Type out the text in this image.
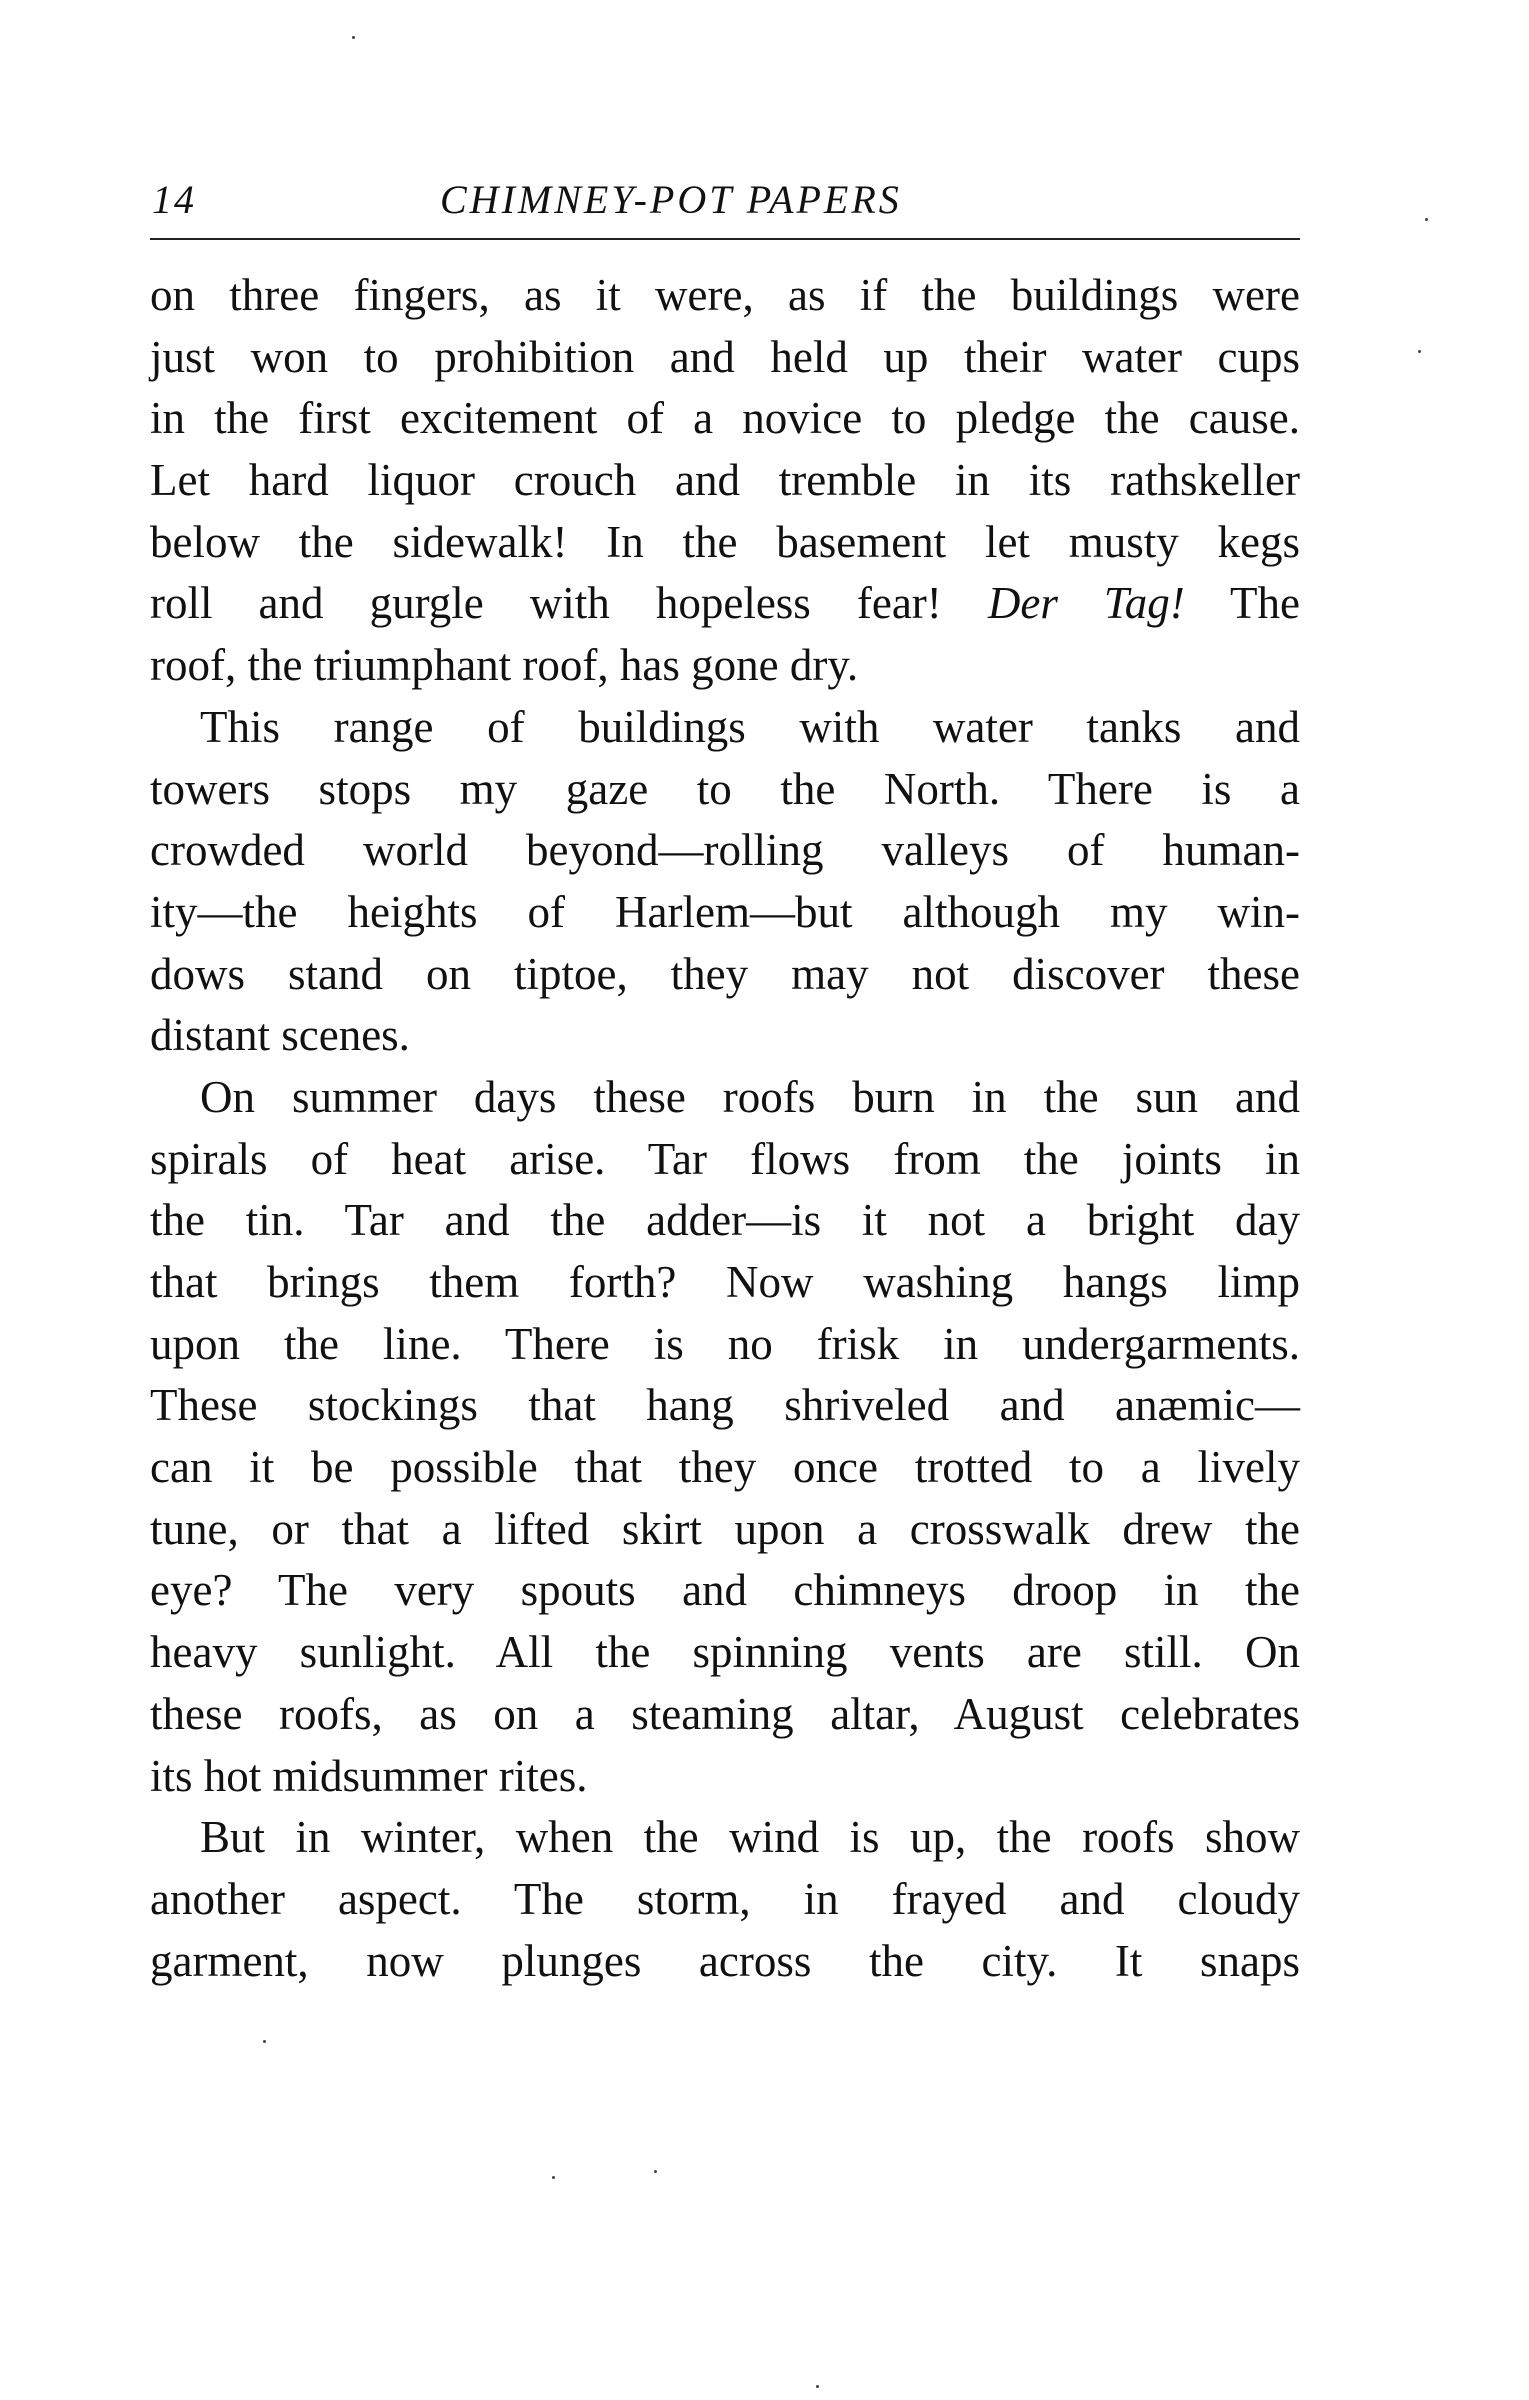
14	CHIMNEY-POT PAPERS
on three fingers, as it were, as if the buildings were
just won to prohibition and held up their water cups
in the first excitement of a novice to pledge the cause.
Let hard liquor crouch and tremble in its rathskeller
below the sidewalk! In the basement let musty kegs
roll and gurgle with hopeless fear! Der Tag! The
roof, the triumphant roof, has gone dry.
This range of buildings with water tanks and
towers stops my gaze to the North. There is a
crowded world beyond—rolling valleys of human-
ity—the heights of Harlem—but although my win-
dows stand on tiptoe, they may not discover these
distant scenes.
On summer days these roofs burn in the sun and
spirals of heat arise. Tar flows from the joints in
the tin. Tar and the adder—is it not a bright day
that brings them forth? Now washing hangs limp
upon the line. There is no frisk in undergarments.
These stockings that hang shriveled and anæmic—
can it be possible that they once trotted to a lively
tune, or that a lifted skirt upon a crosswalk drew the
eye? The very spouts and chimneys droop in the
heavy sunlight. All the spinning vents are still. On
these roofs, as on a steaming altar, August celebrates
its hot midsummer rites.
But in winter, when the wind is up, the roofs show
another aspect. The storm, in frayed and cloudy
garment, now plunges across the city. It snaps
